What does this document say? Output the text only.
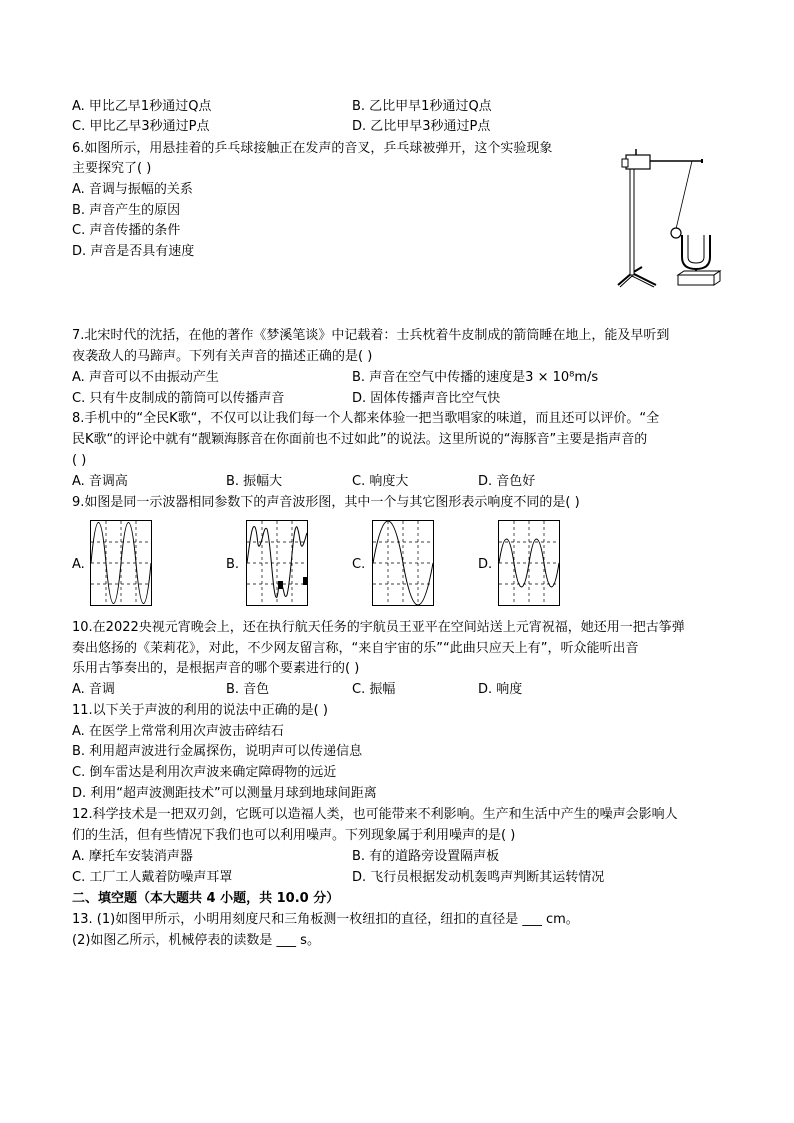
A. 甲比乙早1秒通过Q点	B. 乙比甲早1秒通过Q点
C. 甲比乙早3秒通过P点	D. 乙比甲早3秒通过P点
6.如图所示，用悬挂着的乒乓球接触正在发声的音叉，乒乓球被弹开，这个实验现象
主要探究了( )
A. 音调与振幅的关系
B. 声音产生的原因
C. 声音传播的条件
D. 声音是否具有速度
7.北宋时代的沈括，在他的著作《梦溪笔谈》中记载着：士兵枕着牛皮制成的箭筒睡在地上，能及早听到
夜袭敌人的马蹄声。下列有关声音的描述正确的是( )
A. 声音可以不由振动产生	B. 声音在空气中传播的速度是3 × 10⁸m/s
C. 只有牛皮制成的箭筒可以传播声音	D. 固体传播声音比空气快
8.手机中的“全民K歌“，不仅可以让我们每一个人都来体验一把当歌唱家的味道，而且还可以评价。“全
民K歌“的评论中就有“靓颖海豚音在你面前也不过如此”的说法。这里所说的“海豚音”主要是指声音的
( )
A. 音调高	B. 振幅大	C. 响度大	D. 音色好
9.如图是同一示波器相同参数下的声音波形图，其中一个与其它图形表示响度不同的是( )
A.	B.	C.	D.
10.在2022央视元宵晚会上，还在执行航天任务的宇航员王亚平在空间站送上元宵祝福，她还用一把古筝弹
奏出悠扬的《茉莉花》，对此，不少网友留言称，“来自宇宙的乐”“此曲只应天上有”，听众能听出音
乐用古筝奏出的，是根据声音的哪个要素进行的( )
A. 音调	B. 音色	C. 振幅	D. 响度
11.以下关于声波的利用的说法中正确的是( )
A. 在医学上常常利用次声波击碎结石
B. 利用超声波进行金属探伤，说明声可以传递信息
C. 倒车雷达是利用次声波来确定障碍物的远近
D. 利用“超声波测距技术”可以测量月球到地球间距离
12.科学技术是一把双刃剑，它既可以造福人类，也可能带来不利影响。生产和生活中产生的噪声会影响人
们的生活，但有些情况下我们也可以利用噪声。下列现象属于利用噪声的是( )
A. 摩托车安装消声器	B. 有的道路旁设置隔声板
C. 工厂工人戴着防噪声耳罩	D. 飞行员根据发动机轰鸣声判断其运转情况
二、填空题（本大题共 4 小题，共 10.0 分）
13. (1)如图甲所示，小明用刻度尺和三角板测一枚纽扣的直径，纽扣的直径是 ___ cm。
(2)如图乙所示，机械停表的读数是 ___ s。
